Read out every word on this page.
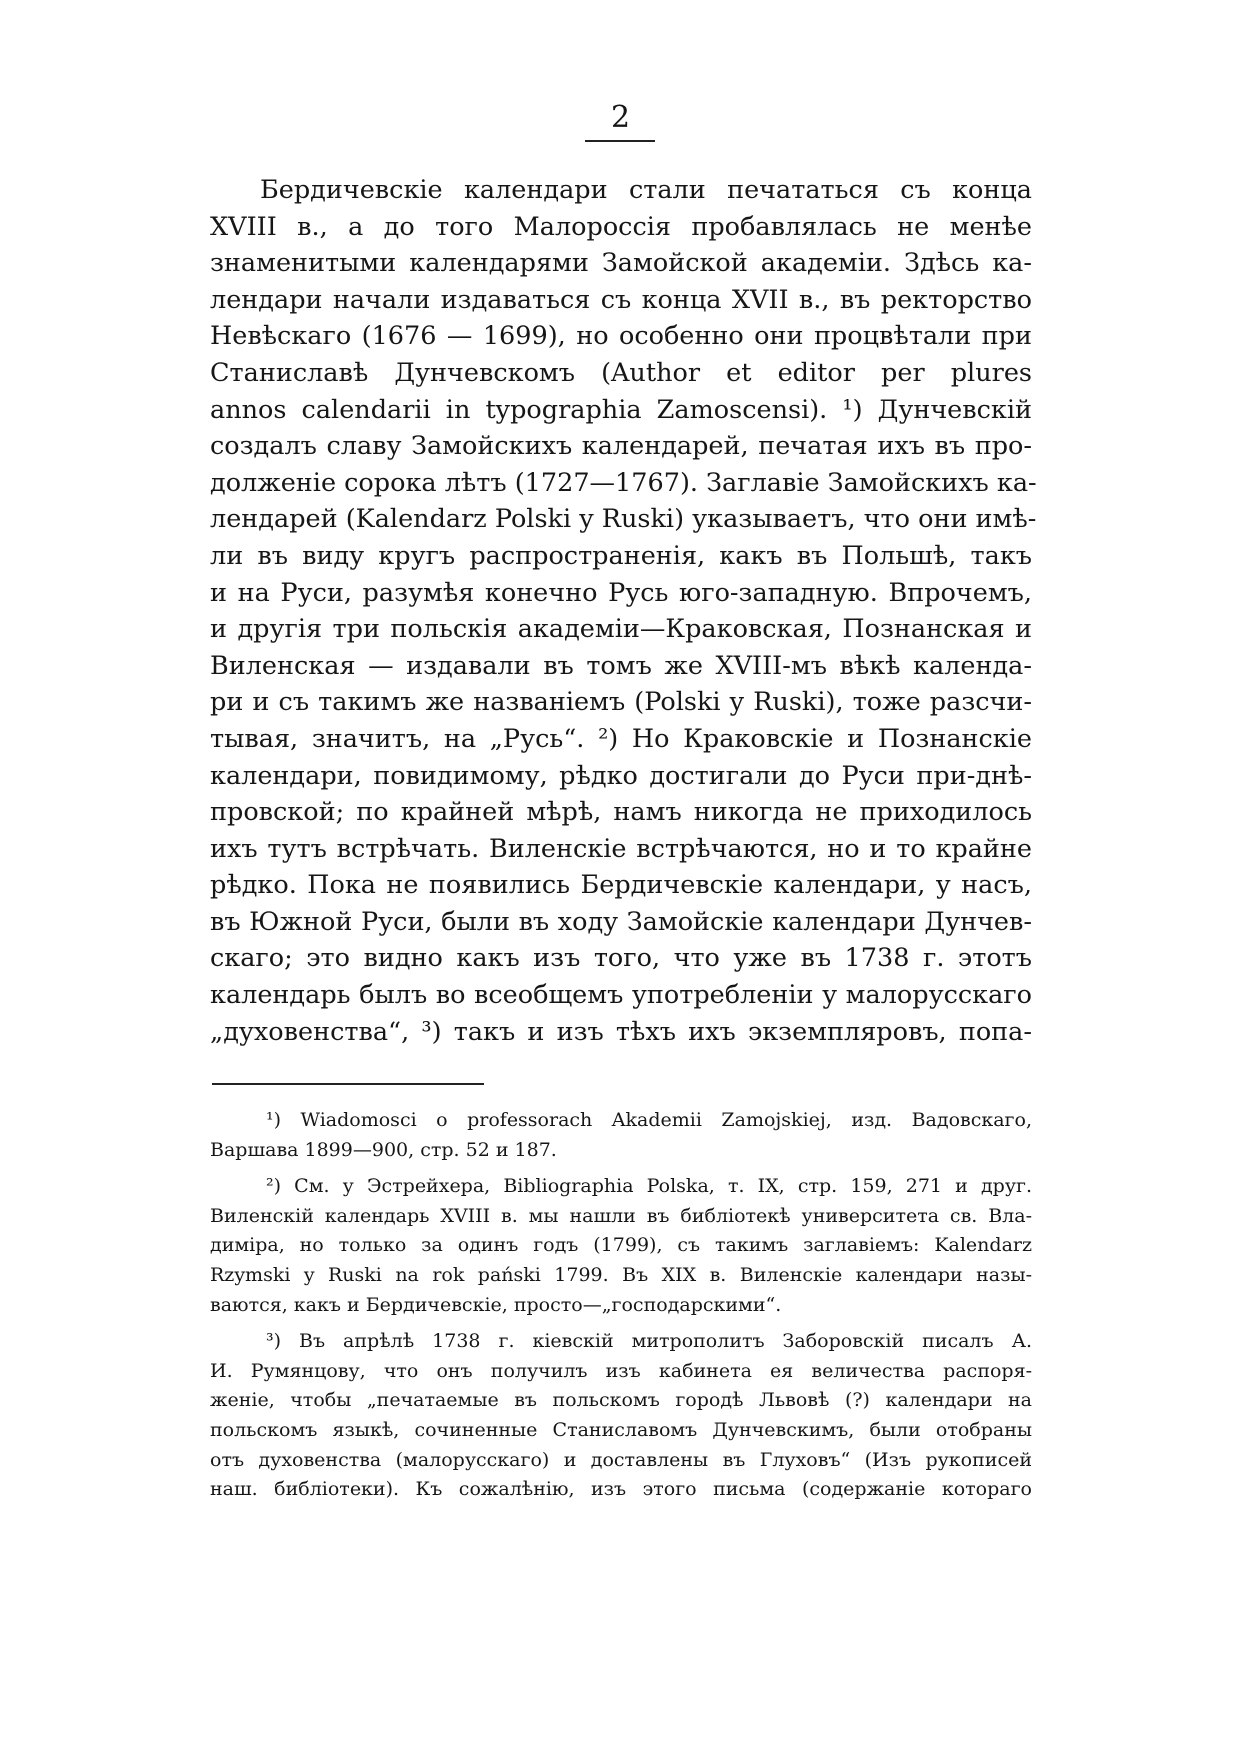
2
Бердичевскіе календари стали печататься съ конца
XVIII в., а до того Малороссія пробавлялась не менѣе
знаменитыми календарями Замойской академіи. Здѣсь ка-
лендари начали издаваться съ конца XVII в., въ ректорство
Невѣскаго (1676 — 1699), но особенно они процвѣтали при
Станиславѣ Дунчевскомъ (Author et editor per plures
annos calendarii in typographia Zamoscensi). ¹) Дунчевскій
создалъ славу Замойскихъ календарей, печатая ихъ въ про-
долженіе сорока лѣтъ (1727—1767). Заглавіе Замойскихъ ка-
лендарей (Kalendarz Polski y Ruski) указываетъ, что они имѣ-
ли въ виду кругъ распространенія, какъ въ Польшѣ, такъ
и на Руси, разумѣя конечно Русь юго-западную. Впрочемъ,
и другія три польскія академіи—Краковская, Познанская и
Виленская — издавали въ томъ же XVIII-мъ вѣкѣ календа-
ри и съ такимъ же названіемъ (Polski y Ruski), тоже разсчи-
тывая, значитъ, на „Русь“. ²) Но Краковскіе и Познанскіе
календари, повидимому, рѣдко достигали до Руси при-днѣ-
провской; по крайней мѣрѣ, намъ никогда не приходилось
ихъ тутъ встрѣчать. Виленскіе встрѣчаются, но и то крайне
рѣдко. Пока не появились Бердичевскіе календари, у насъ,
въ Южной Руси, были въ ходу Замойскіе календари Дунчев-
скаго; это видно какъ изъ того, что уже въ 1738 г. этотъ
календарь былъ во всеобщемъ употребленіи у малорусскаго
„духовенства“, ³) такъ и изъ тѣхъ ихъ экземпляровъ, попа-
¹) Wiadomosci o professorach Akademii Zamojskiej, изд. Вадовскаго,
Варшава 1899—900, стр. 52 и 187.
²) См. у Эстрейхера, Bibliographia Polska, т. IX, стр. 159, 271 и друг.
Виленскій календарь XVIII в. мы нашли въ библіотекѣ университета св. Вла-
диміра, но только за одинъ годъ (1799), съ такимъ заглавіемъ: Kalendarz
Rzymski y Ruski na rok pański 1799. Въ XIX в. Виленскіе календари назы-
ваются, какъ и Бердичевскіе, просто—„господарскими“.
³) Въ апрѣлѣ 1738 г. кіевскій митрополитъ Заборовскій писалъ А.
И. Румянцову, что онъ получилъ изъ кабинета ея величества распоря-
женіе, чтобы „печатаемые въ польскомъ городѣ Львовѣ (?) календари на
польскомъ языкѣ, сочиненные Станиславомъ Дунчевскимъ, были отобраны
отъ духовенства (малорусскаго) и доставлены въ Глуховъ“ (Изъ рукописей
наш. библіотеки). Къ сожалѣнію, изъ этого письма (содержаніе котораго
